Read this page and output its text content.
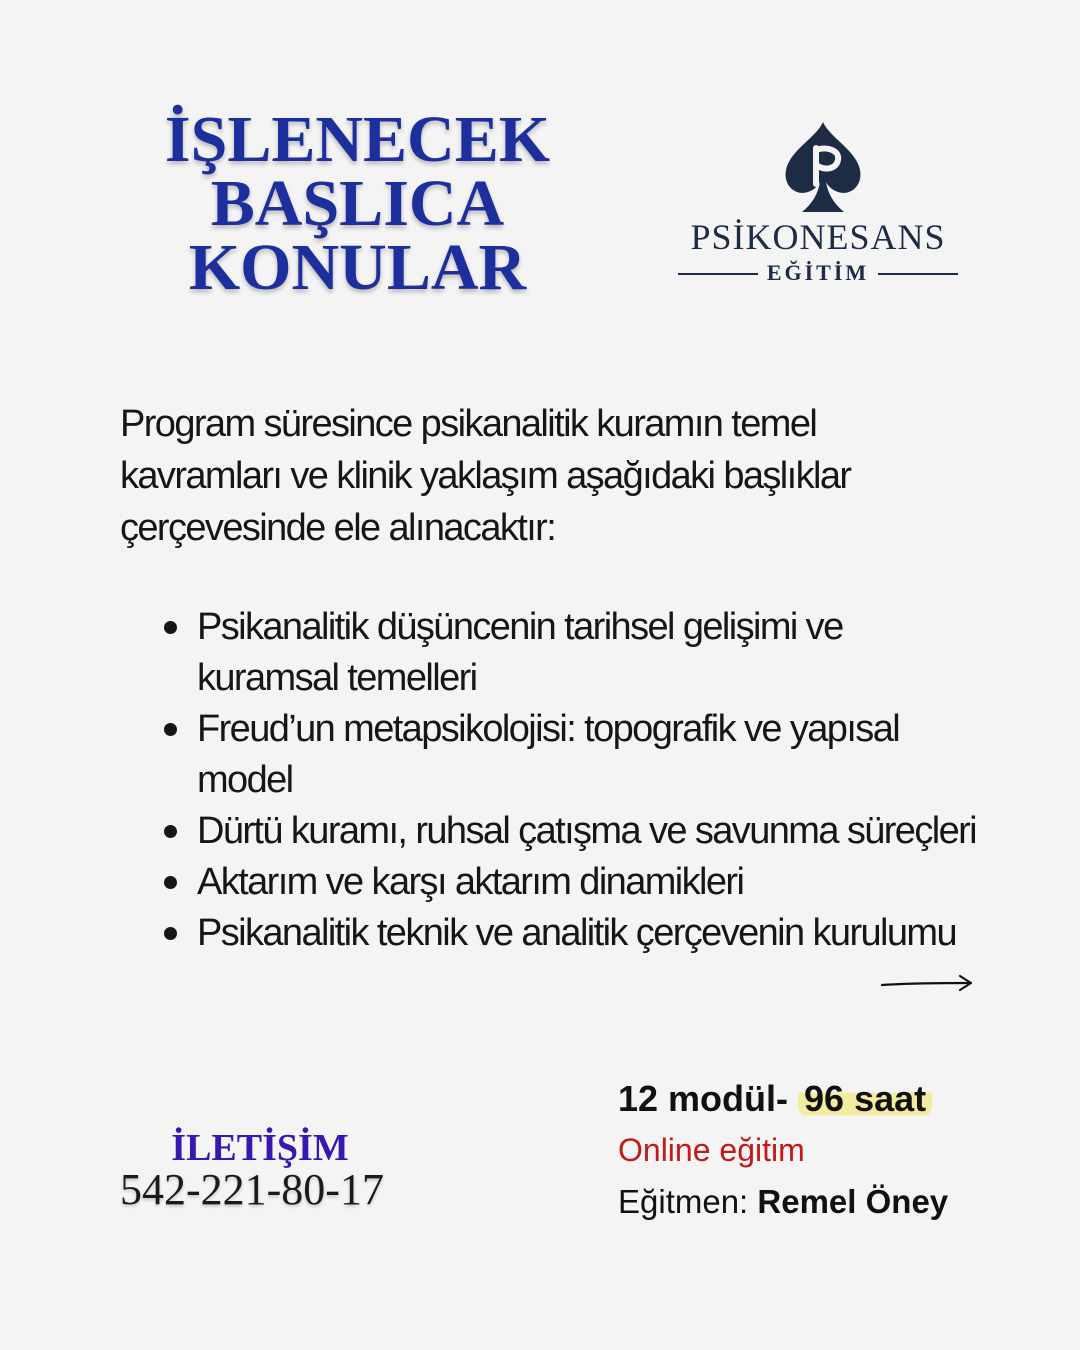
İŞLENECEK
BAŞLICA
KONULAR	PSİKONESANS
EĞİTİM
Program süresince psikanalitik kuramın temel kavramları ve klinik yaklaşım aşağıdaki başlıklar çerçevesinde ele alınacaktır:
Psikanalitik düşüncenin tarihsel gelişimi ve kuramsal temelleri
Freud’un metapsikolojisi: topografik ve yapısal model
Dürtü kuramı, ruhsal çatışma ve savunma süreçleri
Aktarım ve karşı aktarım dinamikleri
Psikanalitik teknik ve analitik çerçevenin kurulumu
İLETİŞİM
542-221-80-17
12 modül- 96 saat
Online eğitim
Eğitmen: Remel Öney
